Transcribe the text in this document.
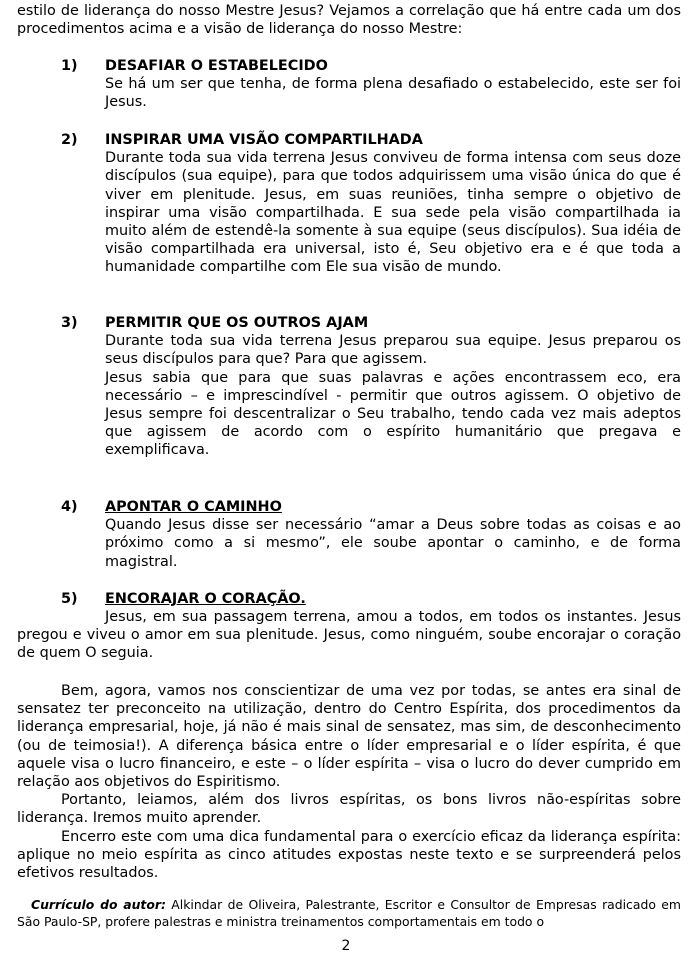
estilo de liderança do nosso Mestre Jesus? Vejamos a correlação que há entre cada um dos procedimentos acima e a visão de liderança do nosso Mestre:

1) DESAFIAR O ESTABELECIDO

Se há um ser que tenha, de forma plena desafiado o estabelecido, este ser foi Jesus.

2) INSPIRAR UMA VISÃO COMPARTILHADA

Durante toda sua vida terrena Jesus conviveu de forma intensa com seus doze discípulos (sua equipe), para que todos adquirissem uma visão única do que é viver em plenitude. Jesus, em suas reuniões, tinha sempre o objetivo de inspirar uma visão compartilhada. E sua sede pela visão compartilhada ia muito além de estendê-la somente à sua equipe (seus discípulos). Sua idéia de visão compartilhada era universal, isto é, Seu objetivo era e é que toda a humanidade compartilhe com Ele sua visão de mundo.

3) PERMITIR QUE OS OUTROS AJAM

Durante toda sua vida terrena Jesus preparou sua equipe. Jesus preparou os seus discípulos para que? Para que agissem.

Jesus sabia que para que suas palavras e ações encontrassem eco, era necessário – e imprescindível - permitir que outros agissem. O objetivo de Jesus sempre foi descentralizar o Seu trabalho, tendo cada vez mais adeptos que agissem de acordo com o espírito humanitário que pregava e exemplificava.

4) APONTAR O CAMINHO

Quando Jesus disse ser necessário “amar a Deus sobre todas as coisas e ao próximo como a si mesmo”, ele soube apontar o caminho, e de forma magistral.

5) ENCORAJAR O CORAÇÃO.

Jesus, em sua passagem terrena, amou a todos, em todos os instantes. Jesus pregou e viveu o amor em sua plenitude. Jesus, como ninguém, soube encorajar o coração de quem O seguia.

Bem, agora, vamos nos conscientizar de uma vez por todas, se antes era sinal de sensatez ter preconceito na utilização, dentro do Centro Espírita, dos procedimentos da liderança empresarial, hoje, já não é mais sinal de sensatez, mas sim, de desconhecimento (ou de teimosia!). A diferença básica entre o líder empresarial e o líder espírita, é que aquele visa o lucro financeiro, e este – o líder espírita – visa o lucro do dever cumprido em relação aos objetivos do Espiritismo.

Portanto, leiamos, além dos livros espíritas, os bons livros não-espíritas sobre liderança. Iremos muito aprender.

Encerro este com uma dica fundamental para o exercício eficaz da liderança espírita: aplique no meio espírita as cinco atitudes expostas neste texto e se surpreenderá pelos efetivos resultados.

Currículo do autor: Alkindar de Oliveira, Palestrante, Escritor e Consultor de Empresas radicado em São Paulo-SP, profere palestras e ministra treinamentos comportamentais em todo o

2
